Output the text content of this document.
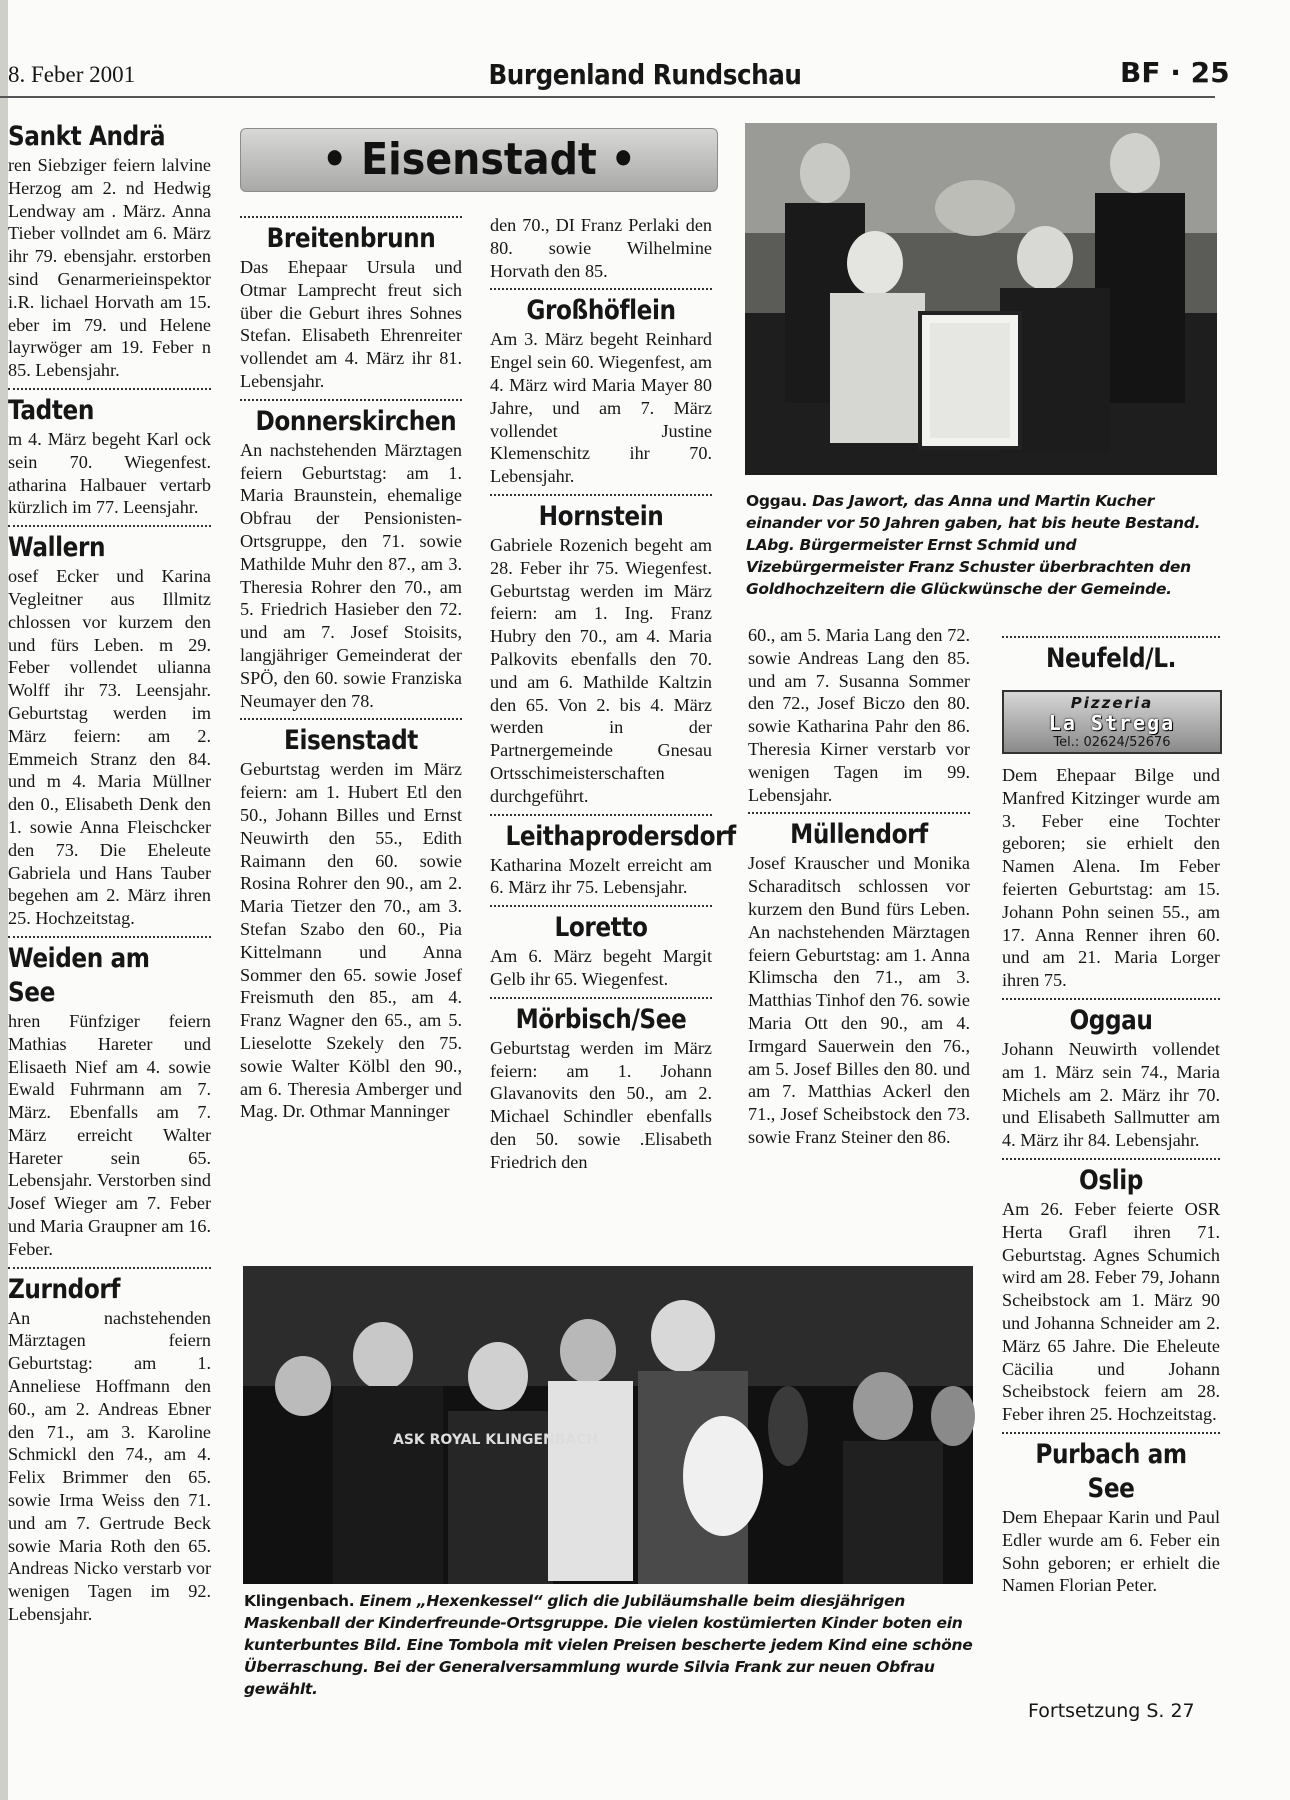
8. Feber 2001	Burgenland Rundschau	BF · 25
Sankt Andrä

ren Siebziger feiern lalvine Herzog am 2. nd Hedwig Lendway am . März. Anna Tieber vollndet am 6. März ihr 79. ebensjahr. erstorben sind Genarmerieinspektor i.R. lichael Horvath am 15. eber im 79. und Helene layrwöger am 19. Feber n 85. Lebensjahr.

Tadten

m 4. März begeht Karl ock sein 70. Wiegenfest. atharina Halbauer vertarb kürzlich im 77. Leensjahr.

Wallern

osef Ecker und Karina Vegleitner aus Illmitz chlossen vor kurzem den und fürs Leben. m 29. Feber vollendet ulianna Wolff ihr 73. Leensjahr. Geburtstag werden im März feiern: am 2. Emmeich Stranz den 84. und m 4. Maria Müllner den 0., Elisabeth Denk den 1. sowie Anna Fleischcker den 73. Die Eheleute Gabriela und Hans Tauber begehen am 2. März ihren 25. Hochzeitstag.

Weiden am See

hren Fünfziger feiern Mathias Hareter und Elisaeth Nief am 4. sowie Ewald Fuhrmann am 7. März. Ebenfalls am 7. März erreicht Walter Hareter sein 65. Lebensjahr. Verstorben sind Josef Wieger am 7. Feber und Maria Graupner am 16. Feber.

Zurndorf

An nachstehenden Märztagen feiern Geburtstag: am 1. Anneliese Hoffmann den 60., am 2. Andreas Ebner den 71., am 3. Karoline Schmickl den 74., am 4. Felix Brimmer den 65. sowie Irma Weiss den 71. und am 7. Gertrude Beck sowie Maria Roth den 65. Andreas Nicko verstarb vor wenigen Tagen im 92. Lebensjahr.

• Eisenstadt •
Breitenbrunn

Das Ehepaar Ursula und Otmar Lamprecht freut sich über die Geburt ihres Sohnes Stefan. Elisabeth Ehrenreiter vollendet am 4. März ihr 81. Lebensjahr.

Donnerskirchen

An nachstehenden Märztagen feiern Geburtstag: am 1. Maria Braunstein, ehemalige Obfrau der Pensionisten-Ortsgruppe, den 71. sowie Mathilde Muhr den 87., am 3. Theresia Rohrer den 70., am 5. Friedrich Hasieber den 72. und am 7. Josef Stoisits, langjähriger Gemeinderat der SPÖ, den 60. sowie Franziska Neumayer den 78.

Eisenstadt

Geburtstag werden im März feiern: am 1. Hubert Etl den 50., Johann Billes und Ernst Neuwirth den 55., Edith Raimann den 60. sowie Rosina Rohrer den 90., am 2. Maria Tietzer den 70., am 3. Stefan Szabo den 60., Pia Kittelmann und Anna Sommer den 65. sowie Josef Freismuth den 85., am 4. Franz Wagner den 65., am 5. Lieselotte Szekely den 75. sowie Walter Kölbl den 90., am 6. Theresia Amberger und Mag. Dr. Othmar Manninger

den 70., DI Franz Perlaki den 80. sowie Wilhelmine Horvath den 85.

Großhöflein

Am 3. März begeht Reinhard Engel sein 60. Wiegenfest, am 4. März wird Maria Mayer 80 Jahre, und am 7. März vollendet Justine Klemenschitz ihr 70. Lebensjahr.

Hornstein

Gabriele Rozenich begeht am 28. Feber ihr 75. Wiegenfest. Geburtstag werden im März feiern: am 1. Ing. Franz Hubry den 70., am 4. Maria Palkovits ebenfalls den 70. und am 6. Mathilde Kaltzin den 65. Von 2. bis 4. März werden in der Partnergemeinde Gnesau Ortsschimeisterschaften durchgeführt.

Leithaprodersdorf

Katharina Mozelt erreicht am 6. März ihr 75. Lebensjahr.

Loretto

Am 6. März begeht Margit Gelb ihr 65. Wiegenfest.

Mörbisch/See

Geburtstag werden im März feiern: am 1. Johann Glavanovits den 50., am 2. Michael Schindler ebenfalls den 50. sowie .Elisabeth Friedrich den

Oggau. Das Jawort, das Anna und Martin Kucher einander vor 50 Jahren gaben, hat bis heute Bestand. LAbg. Bürgermeister Ernst Schmid und Vizebürgermeister Franz Schuster überbrachten den Goldhochzeitern die Glückwünsche der Gemeinde.

60., am 5. Maria Lang den 72. sowie Andreas Lang den 85. und am 7. Susanna Sommer den 72., Josef Biczo den 80. sowie Katharina Pahr den 86. Theresia Kirner verstarb vor wenigen Tagen im 99. Lebensjahr.

Müllendorf

Josef Krauscher und Monika Scharaditsch schlossen vor kurzem den Bund fürs Leben. An nachstehenden Märztagen feiern Geburtstag: am 1. Anna Klimscha den 71., am 3. Matthias Tinhof den 76. sowie Maria Ott den 90., am 4. Irmgard Sauerwein den 76., am 5. Josef Billes den 80. und am 7. Matthias Ackerl den 71., Josef Scheibstock den 73. sowie Franz Steiner den 86.

Neufeld/L.
Pizzeria
La Strega
Tel.: 02624/52676

Dem Ehepaar Bilge und Manfred Kitzinger wurde am 3. Feber eine Tochter geboren; sie erhielt den Namen Alena. Im Feber feierten Geburtstag: am 15. Johann Pohn seinen 55., am 17. Anna Renner ihren 60. und am 21. Maria Lorger ihren 75.

Oggau

Johann Neuwirth vollendet am 1. März sein 74., Maria Michels am 2. März ihr 70. und Elisabeth Sallmutter am 4. März ihr 84. Lebensjahr.

Oslip

Am 26. Feber feierte OSR Herta Grafl ihren 71. Geburtstag. Agnes Schumich wird am 28. Feber 79, Johann Scheibstock am 1. März 90 und Johanna Schneider am 2. März 65 Jahre. Die Eheleute Cäcilia und Johann Scheibstock feiern am 28. Feber ihren 25. Hochzeitstag.

Purbach am See

Dem Ehepaar Karin und Paul Edler wurde am 6. Feber ein Sohn geboren; er erhielt die Namen Florian Peter.

ASK ROYAL KLINGENBACH
Klingenbach. Einem „Hexenkessel“ glich die Jubiläumshalle beim diesjährigen Maskenball der Kinderfreunde-Ortsgruppe. Die vielen kostümierten Kinder boten ein kunterbuntes Bild. Eine Tombola mit vielen Preisen bescherte jedem Kind eine schöne Überraschung. Bei der Generalversammlung wurde Silvia Frank zur neuen Obfrau gewählt.
Fortsetzung S. 27
